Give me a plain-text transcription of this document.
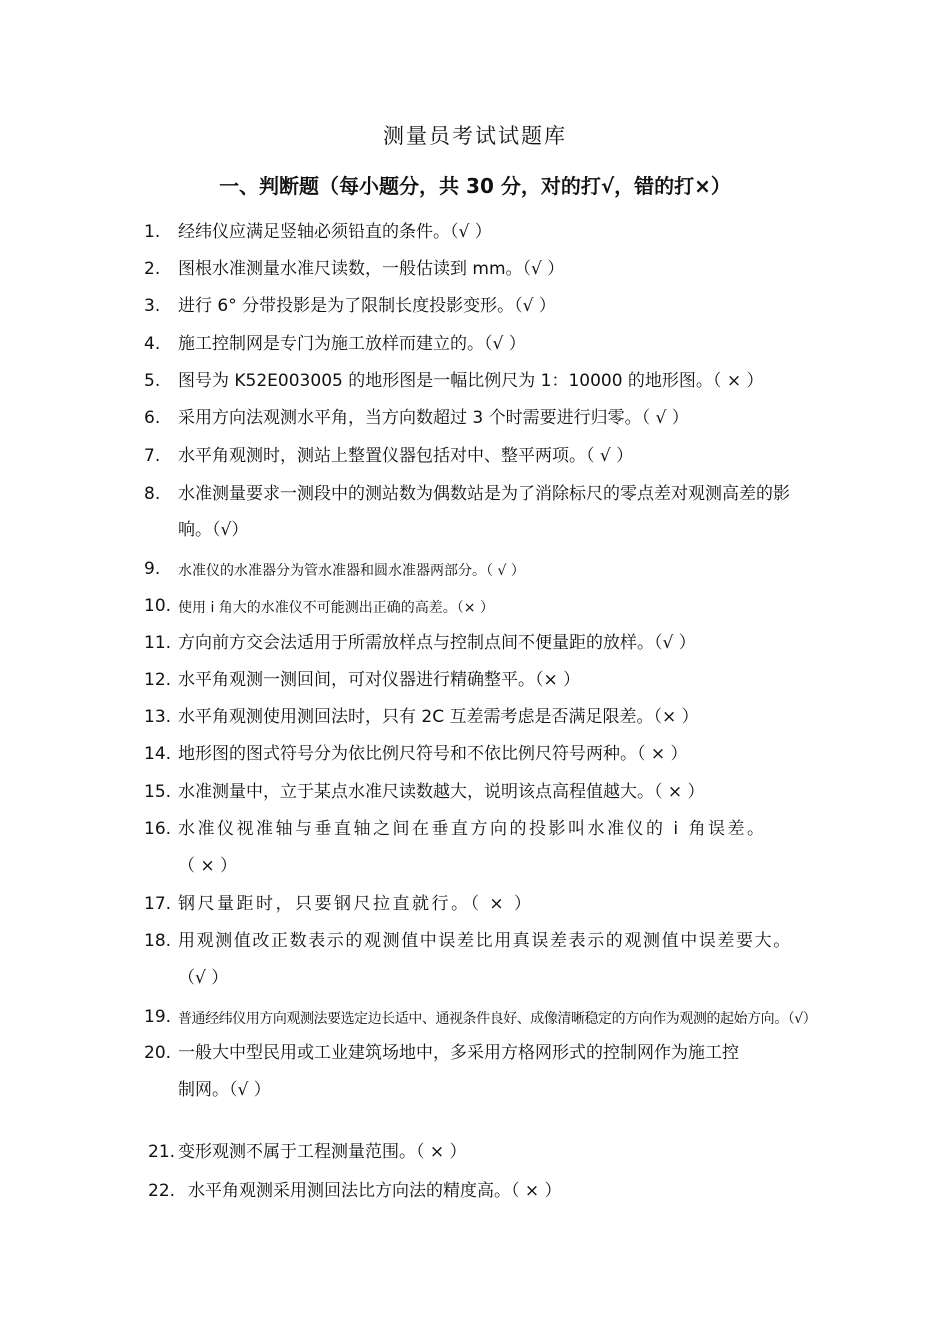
测量员考试试题库
一、判断题（每小题分，共 30 分，对的打√，错的打×）
1. 经纬仪应满足竖轴必须铅直的条件。（√ ）
2. 图根水准测量水准尺读数，一般估读到 mm。（√ ）
3. 进行 6° 分带投影是为了限制长度投影变形。（√ ）
4. 施工控制网是专门为施工放样而建立的。（√ ）
5. 图号为 K52E003005 的地形图是一幅比例尺为 1：10000 的地形图。（ × ）
6. 采用方向法观测水平角，当方向数超过 3 个时需要进行归零。（ √ ）
7. 水平角观测时，测站上整置仪器包括对中、整平两项。（ √ ）
8. 水准测量要求一测段中的测站数为偶数站是为了消除标尺的零点差对观测高差的影
响。（√）
9. 水准仪的水准器分为管水准器和圆水准器两部分。（ √ ）
10. 使用 i 角大的水准仪不可能测出正确的高差。（× ）
11. 方向前方交会法适用于所需放样点与控制点间不便量距的放样。（√ ）
12. 水平角观测一测回间，可对仪器进行精确整平。（× ）
13. 水平角观测使用测回法时，只有 2C 互差需考虑是否满足限差。（× ）
14. 地形图的图式符号分为依比例尺符号和不依比例尺符号两种。（ × ）
15. 水准测量中，立于某点水准尺读数越大，说明该点高程值越大。（ × ）
16. 水准仪视准轴与垂直轴之间在垂直方向的投影叫水准仪的 i 角误差。
（ × ）
17. 钢尺量距时，只要钢尺拉直就行。（ × ）
18. 用观测值改正数表示的观测值中误差比用真误差表示的观测值中误差要大。
（√ ）
19. 普通经纬仪用方向观测法要选定边长适中、通视条件良好、成像清晰稳定的方向作为观测的起始方向。（√）
20. 一般大中型民用或工业建筑场地中，多采用方格网形式的控制网作为施工控
制网。（√ ）
21. 变形观测不属于工程测量范围。（ × ）
22. 水平角观测采用测回法比方向法的精度高。（ × ）
